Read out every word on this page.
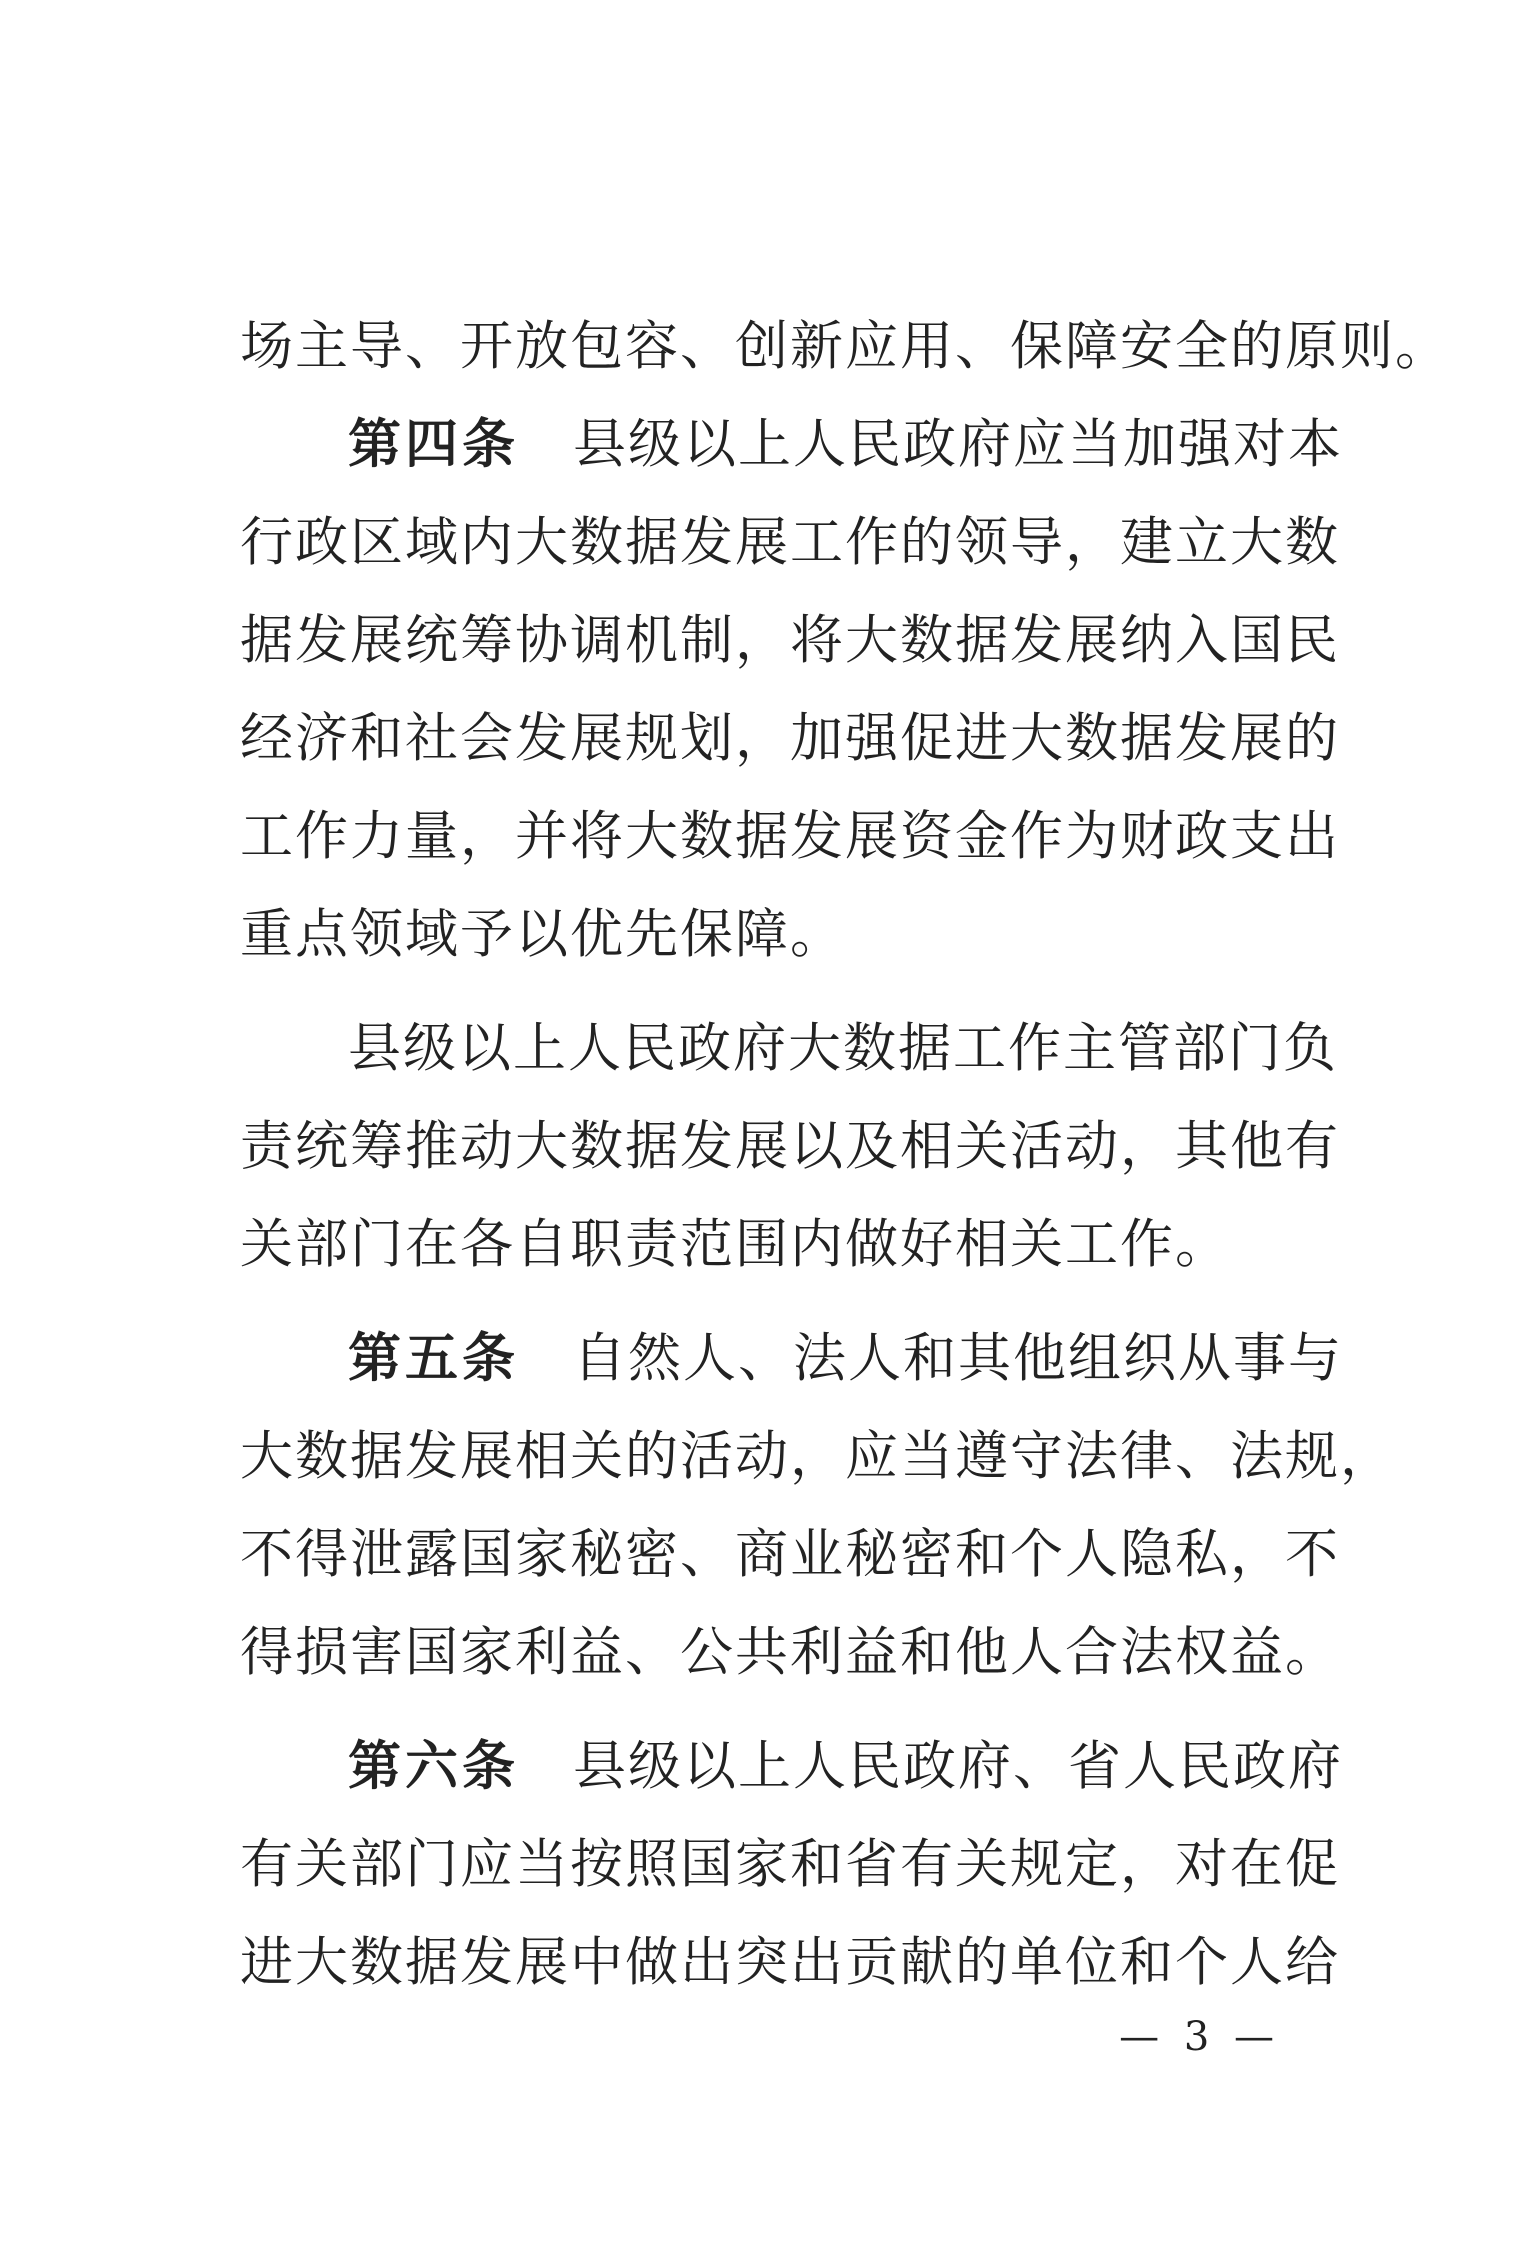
场主导、开放包容、创新应用、保障安全的原则。
第四条 县级以上人民政府应当加强对本
行政区域内大数据发展工作的领导，建立大数
据发展统筹协调机制，将大数据发展纳入国民
经济和社会发展规划，加强促进大数据发展的
工作力量，并将大数据发展资金作为财政支出
重点领域予以优先保障。
县级以上人民政府大数据工作主管部门负
责统筹推动大数据发展以及相关活动，其他有
关部门在各自职责范围内做好相关工作。
第五条 自然人、法人和其他组织从事与
大数据发展相关的活动，应当遵守法律、法规，
不得泄露国家秘密、商业秘密和个人隐私，不
得损害国家利益、公共利益和他人合法权益。
第六条 县级以上人民政府、省人民政府
有关部门应当按照国家和省有关规定，对在促
进大数据发展中做出突出贡献的单位和个人给
— 3 —
